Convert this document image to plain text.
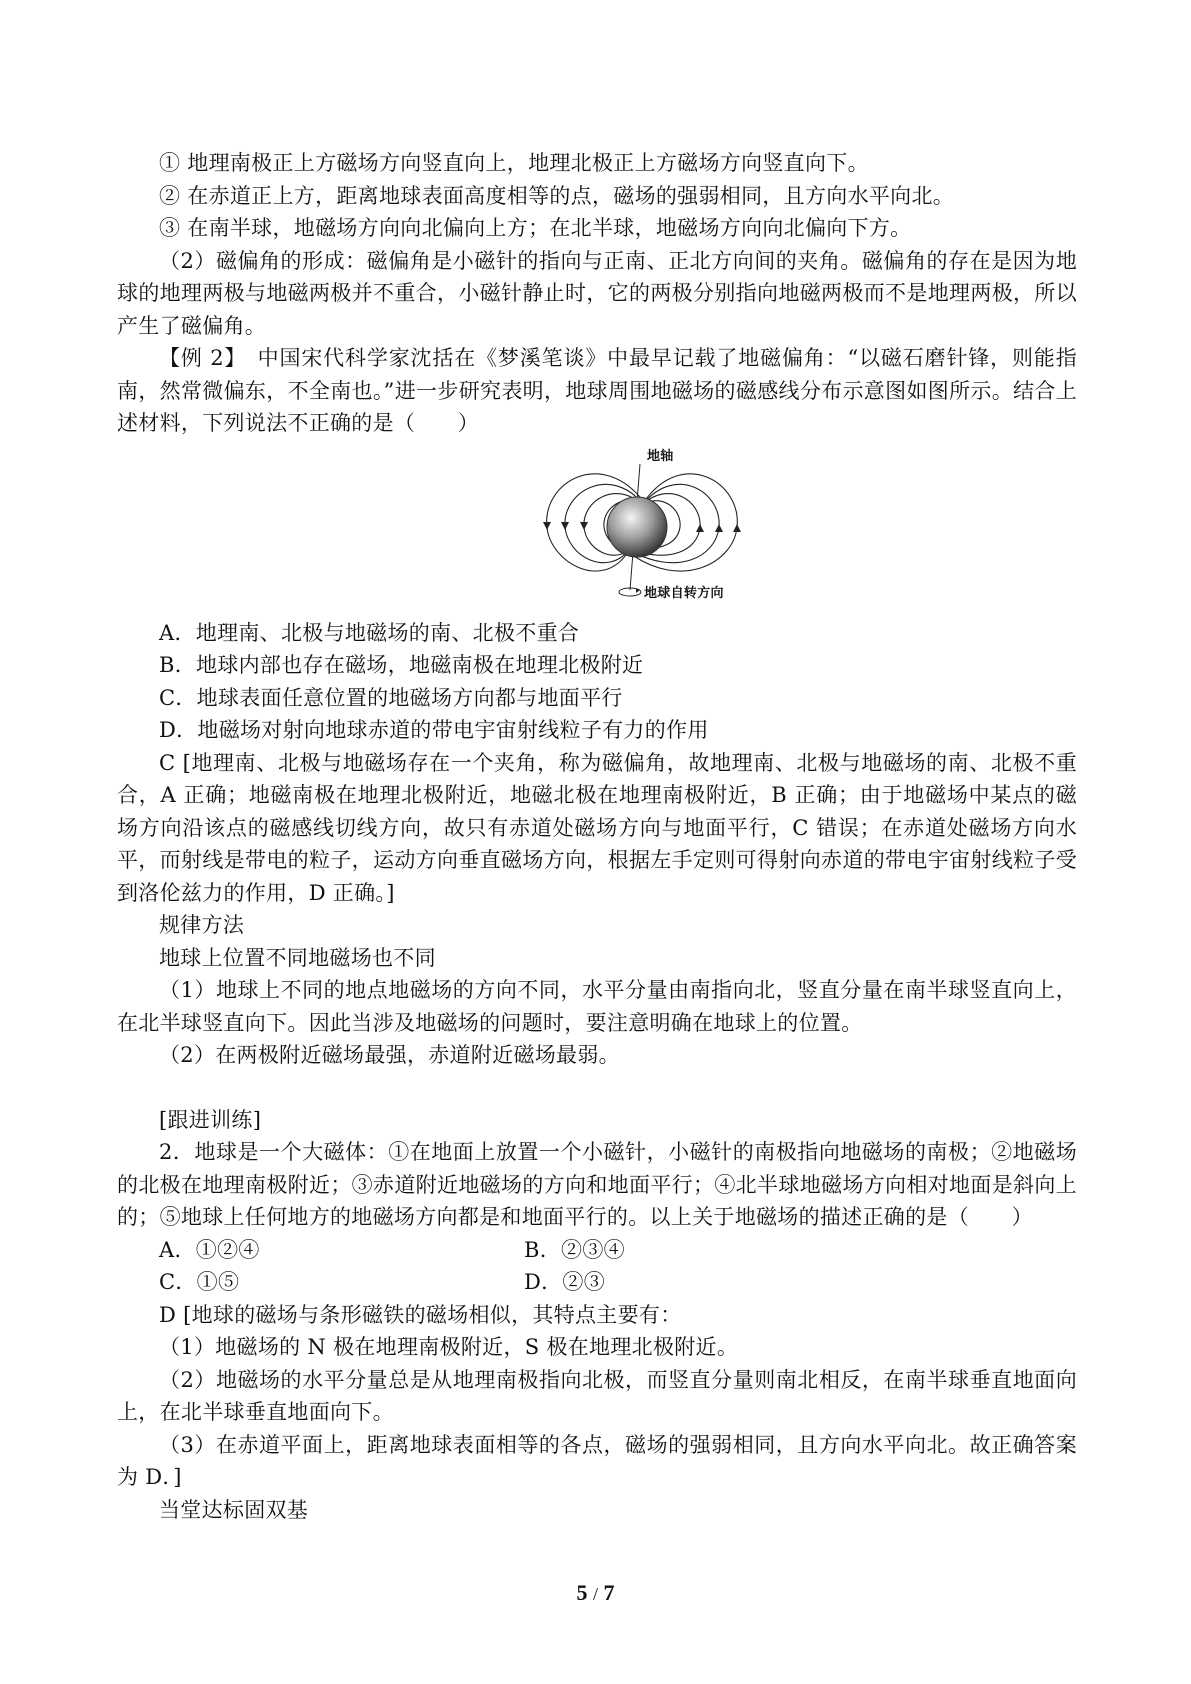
① 地理南极正上方磁场方向竖直向上，地理北极正上方磁场方向竖直向下。

② 在赤道正上方，距离地球表面高度相等的点，磁场的强弱相同，且方向水平向北。

③ 在南半球，地磁场方向向北偏向上方；在北半球，地磁场方向向北偏向下方。

（2）磁偏角的形成：磁偏角是小磁针的指向与正南、正北方向间的夹角。磁偏角的存在是因为地球的地理两极与地磁两极并不重合，小磁针静止时，它的两极分别指向地磁两极而不是地理两极，所以产生了磁偏角。

【例 2】　中国宋代科学家沈括在《梦溪笔谈》中最早记载了地磁偏角：“以磁石磨针锋，则能指南，然常微偏东，不全南也。”进一步研究表明，地球周围地磁场的磁感线分布示意图如图所示。结合上述材料，下列说法不正确的是（　　）

地轴
地球自转方向

A．地理南、北极与地磁场的南、北极不重合

B．地球内部也存在磁场，地磁南极在地理北极附近

C．地球表面任意位置的地磁场方向都与地面平行

D．地磁场对射向地球赤道的带电宇宙射线粒子有力的作用

C [地理南、北极与地磁场存在一个夹角，称为磁偏角，故地理南、北极与地磁场的南、北极不重合，A 正确；地磁南极在地理北极附近，地磁北极在地理南极附近，B 正确；由于地磁场中某点的磁场方向沿该点的磁感线切线方向，故只有赤道处磁场方向与地面平行，C 错误；在赤道处磁场方向水平，而射线是带电的粒子，运动方向垂直磁场方向，根据左手定则可得射向赤道的带电宇宙射线粒子受到洛伦兹力的作用，D 正确。]

规律方法

地球上位置不同地磁场也不同

（1）地球上不同的地点地磁场的方向不同，水平分量由南指向北，竖直分量在南半球竖直向上，在北半球竖直向下。因此当涉及地磁场的问题时，要注意明确在地球上的位置。

（2）在两极附近磁场最强，赤道附近磁场最弱。

[跟进训练]

2．地球是一个大磁体：①在地面上放置一个小磁针，小磁针的南极指向地磁场的南极；②地磁场的北极在地理南极附近；③赤道附近地磁场的方向和地面平行；④北半球地磁场方向相对地面是斜向上的；⑤地球上任何地方的地磁场方向都是和地面平行的。以上关于地磁场的描述正确的是（　　）

A．①②④	B．②③④
C．①⑤	D．②③

D [地球的磁场与条形磁铁的磁场相似，其特点主要有：

（1）地磁场的 N 极在地理南极附近，S 极在地理北极附近。

（2）地磁场的水平分量总是从地理南极指向北极，而竖直分量则南北相反，在南半球垂直地面向上，在北半球垂直地面向下。

（3）在赤道平面上，距离地球表面相等的各点，磁场的强弱相同，且方向水平向北。故正确答案为 D．]

当堂达标固双基

5 / 7
